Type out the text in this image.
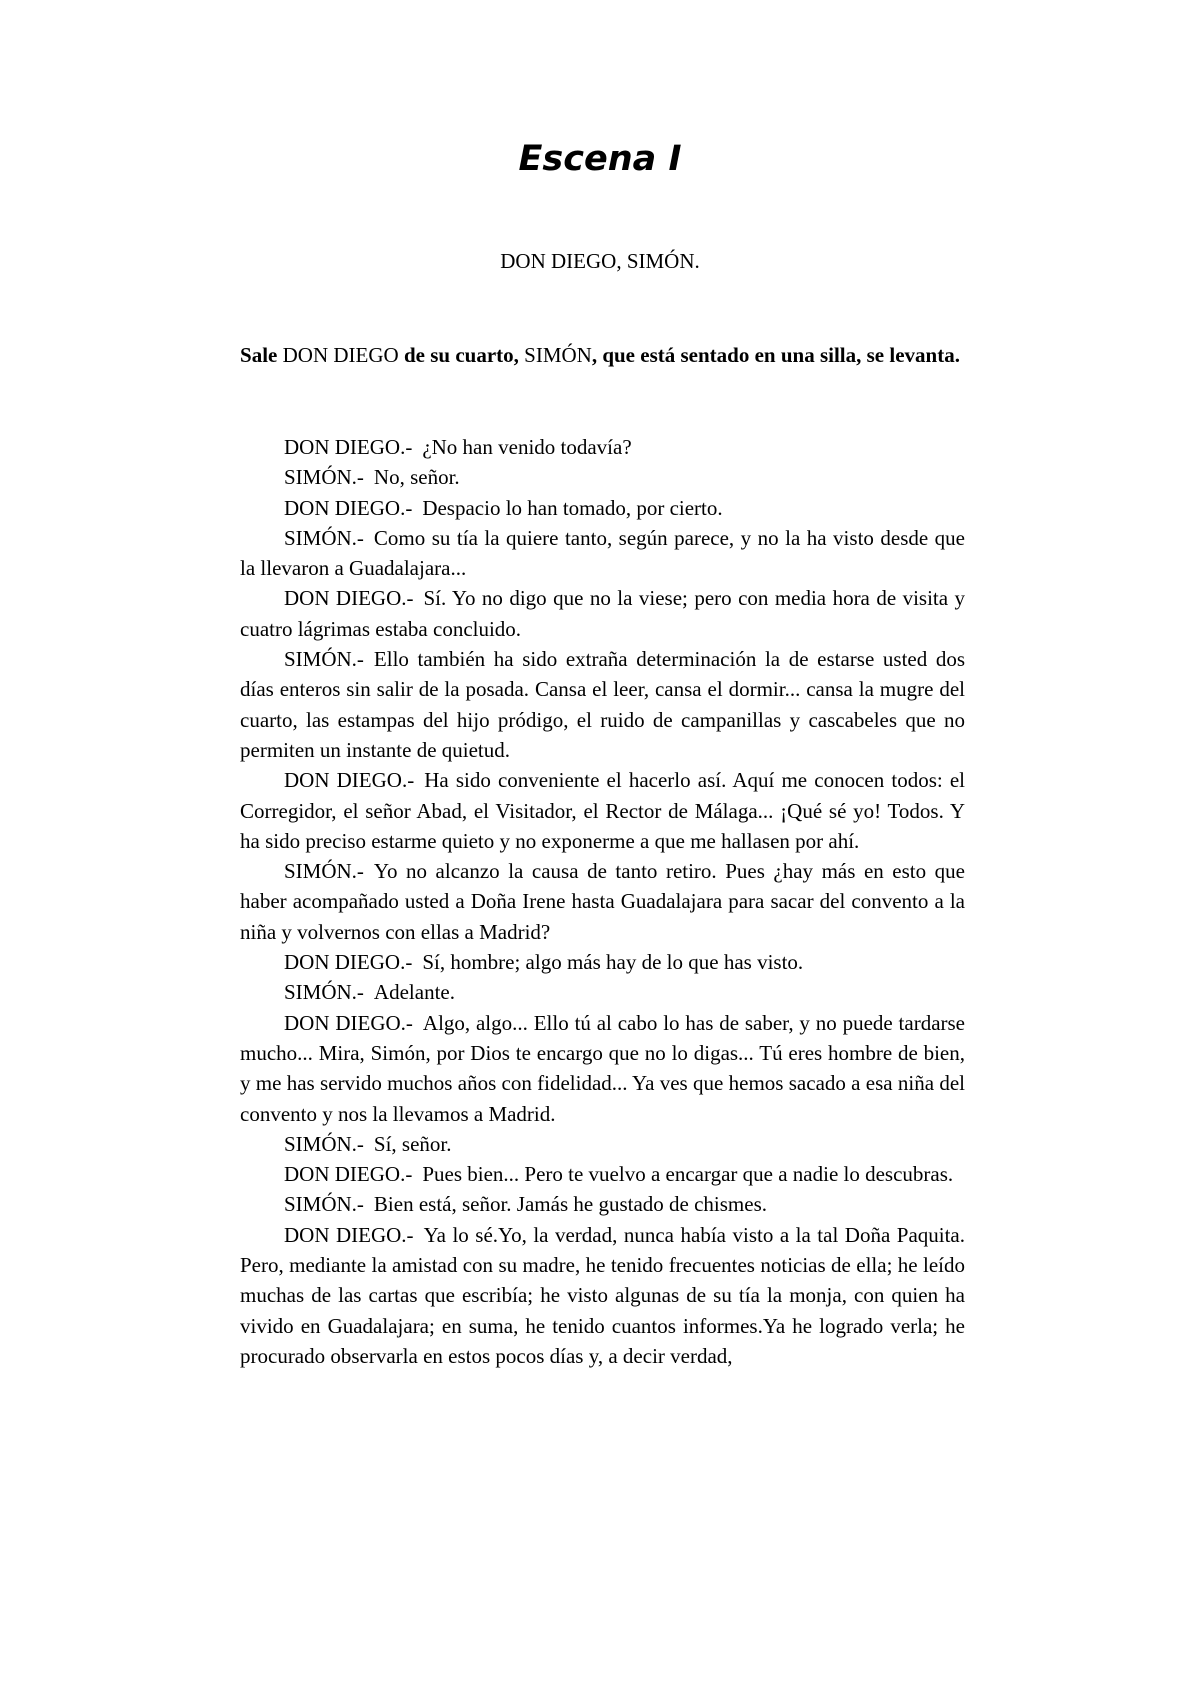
Escena I

DON DIEGO, SIMÓN.

Sale DON DIEGO de su cuarto, SIMÓN, que está sentado en una silla, se levanta.

DON DIEGO.- ¿No han venido todavía?

SIMÓN.- No, señor.

DON DIEGO.- Despacio lo han tomado, por cierto.

SIMÓN.- Como su tía la quiere tanto, según parece, y no la ha visto desde que la llevaron a Guadalajara...

DON DIEGO.- Sí. Yo no digo que no la viese; pero con media hora de visita y cuatro lágrimas estaba concluido.

SIMÓN.- Ello también ha sido extraña determinación la de estarse usted dos días enteros sin salir de la posada. Cansa el leer, cansa el dormir... cansa la mugre del cuarto, las estampas del hijo pródigo, el ruido de campanillas y cascabeles que no permiten un instante de quietud.

DON DIEGO.- Ha sido conveniente el hacerlo así. Aquí me conocen todos: el Corregidor, el señor Abad, el Visitador, el Rector de Málaga... ¡Qué sé yo! Todos. Y ha sido preciso estarme quieto y no exponerme a que me hallasen por ahí.

SIMÓN.- Yo no alcanzo la causa de tanto retiro. Pues ¿hay más en esto que haber acompañado usted a Doña Irene hasta Guadalajara para sacar del convento a la niña y volvernos con ellas a Madrid?

DON DIEGO.- Sí, hombre; algo más hay de lo que has visto.

SIMÓN.- Adelante.

DON DIEGO.- Algo, algo... Ello tú al cabo lo has de saber, y no puede tardarse mucho... Mira, Simón, por Dios te encargo que no lo digas... Tú eres hombre de bien, y me has servido muchos años con fidelidad... Ya ves que hemos sacado a esa niña del convento y nos la llevamos a Madrid.

SIMÓN.- Sí, señor.

DON DIEGO.- Pues bien... Pero te vuelvo a encargar que a nadie lo descubras.

SIMÓN.- Bien está, señor. Jamás he gustado de chismes.

DON DIEGO.- Ya lo sé.Yo, la verdad, nunca había visto a la tal Doña Paquita. Pero, mediante la amistad con su madre, he tenido frecuentes noticias de ella; he leído muchas de las cartas que escribía; he visto algunas de su tía la monja, con quien ha vivido en Guadalajara; en suma, he tenido cuantos informes.Ya he logrado verla; he procurado observarla en estos pocos días y, a decir verdad,
